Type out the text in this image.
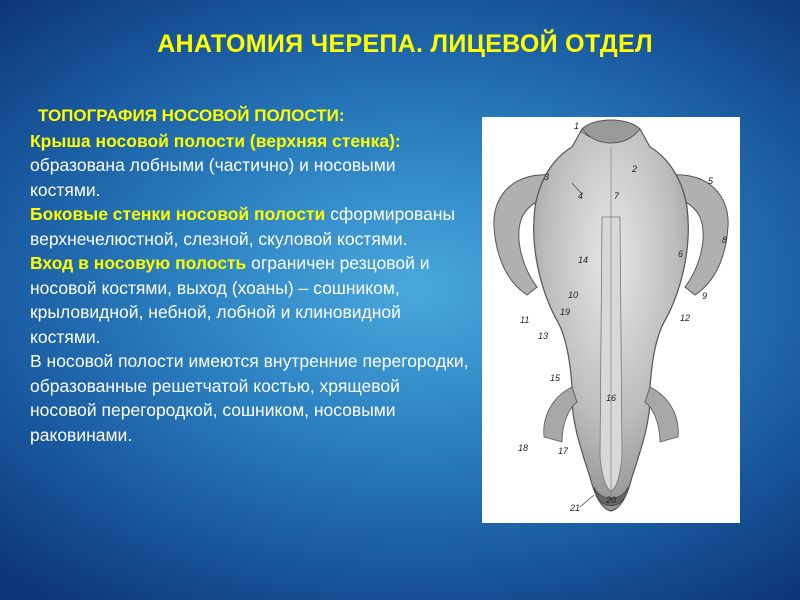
АНАТОМИЯ ЧЕРЕПА. ЛИЦЕВОЙ ОТДЕЛ
ТОПОГРАФИЯ НОСОВОЙ ПОЛОСТИ:
Крыша носовой полости (верхняя стенка): образована лобными (частично) и носовыми костями.
Боковые стенки носовой полости сформированы верхнечелюстной, слезной, скуловой костями.
Вход в носовую полость ограничен резцовой и носовой костями, выход (хоаны) – сошником, крыловидной, небной, лобной и клиновидной костями.
В носовой полости имеются внутренние перегородки, образованные решетчатой костью, хрящевой носовой перегородкой, сошником, носовыми раковинами.
1
2
3
4
5
6
7
8
9
10
11	12
13
14
15
16
17
18
19
20
21
